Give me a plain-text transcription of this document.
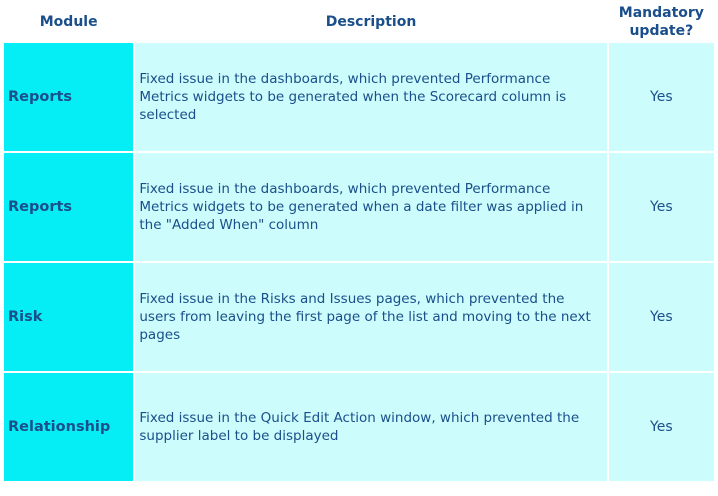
Module	Description	Mandatory
update?
Reports	Fixed issue in the dashboards, which prevented Performance Metrics widgets to be generated when the Scorecard column is selected	Yes
Reports	Fixed issue in the dashboards, which prevented Performance Metrics widgets to be generated when a date filter was applied in the "Added When" column	Yes
Risk	Fixed issue in the Risks and Issues pages, which prevented the users from leaving the first page of the list and moving to the next pages	Yes
Relationship	Fixed issue in the Quick Edit Action window, which prevented the supplier label to be displayed	Yes
